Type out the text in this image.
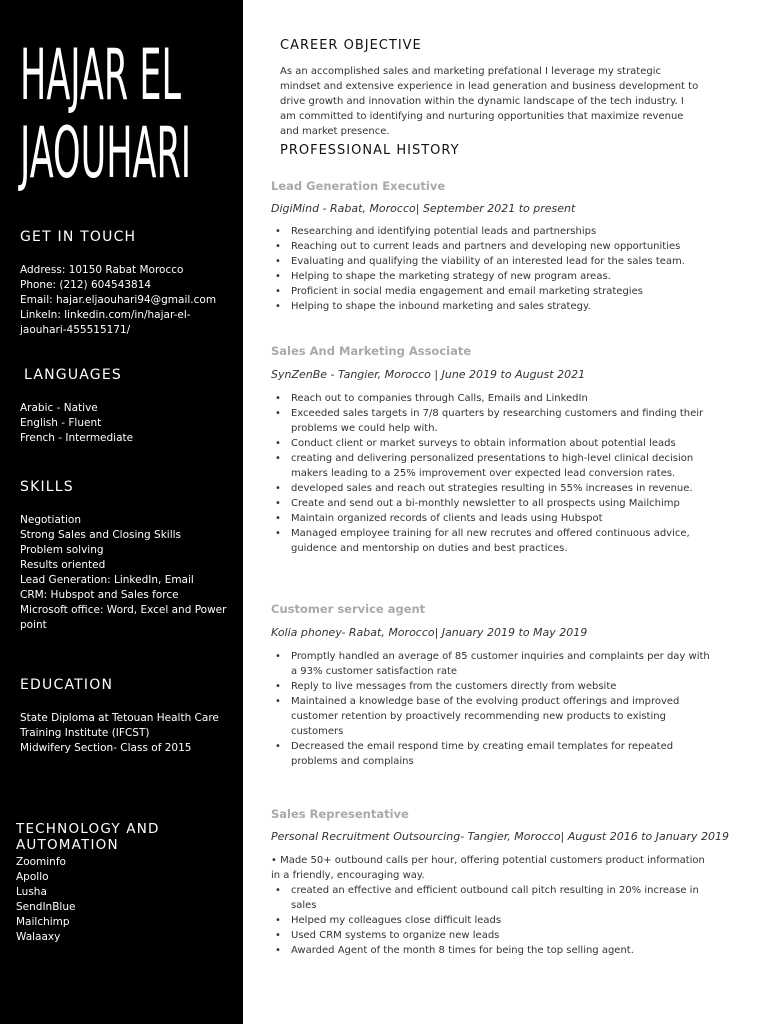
HAJAR EL
JAOUHARI
GET IN TOUCH
Address: 10150 Rabat Morocco
Phone: (212) 604543814
Email: hajar.eljaouhari94@gmail.com
LinkeIn: linkedin.com/in/hajar-el-
jaouhari-455515171/
LANGUAGES
Arabic - Native
English - Fluent
French - Intermediate
SKILLS
Negotiation
Strong Sales and Closing Skills
Problem solving
Results oriented
Lead Generation: LinkedIn, Email
CRM: Hubspot and Sales force
Microsoft office: Word, Excel and Power
point
EDUCATION
State Diploma at Tetouan Health Care
Training Institute (IFCST)
Midwifery Section- Class of 2015
TECHNOLOGY AND AUTOMATION
Zoominfo
Apollo
Lusha
SendInBlue
Mailchimp
Walaaxy
CAREER OBJECTIVE
As an accomplished sales and marketing prefational I leverage my strategic mindset and extensive experience in lead generation and business development to drive growth and innovation within the dynamic landscape of the tech industry. I am committed to identifying and nurturing opportunities that maximize revenue and market presence.
PROFESSIONAL HISTORY
Lead Generation Executive
DigiMind - Rabat, Morocco| September 2021 to present
• Researching and identifying potential leads and partnerships
• Reaching out to current leads and partners and developing new opportunities
• Evaluating and qualifying the viability of an interested lead for the sales team.
• Helping to shape the marketing strategy of new program areas.
• Proficient in social media engagement and email marketing strategies
• Helping to shape the inbound marketing and sales strategy.
Sales And Marketing Associate
SynZenBe - Tangier, Morocco | June 2019 to August 2021
• Reach out to companies through Calls, Emails and LinkedIn
• Exceeded sales targets in 7/8 quarters by researching customers and finding their problems we could help with.
• Conduct client or market surveys to obtain information about potential leads
• creating and delivering personalized presentations to high-level clinical decision makers leading to a 25% improvement over expected lead conversion rates.
• developed sales and reach out strategies resulting in 55% increases in revenue.
• Create and send out a bi-monthly newsletter to all prospects using Mailchimp
• Maintain organized records of clients and leads using Hubspot
• Managed employee training for all new recrutes and offered continuous advice, guidence and mentorship on duties and best practices.
Customer service agent
Kolia phoney- Rabat, Morocco| January 2019 to May 2019
• Promptly handled an average of 85 customer inquiries and complaints per day with a 93% customer satisfaction rate
• Reply to live messages from the customers directly from website
• Maintained a knowledge base of the evolving product offerings and improved customer retention by proactively recommending new products to existing customers
• Decreased the email respond time by creating email templates for repeated problems and complains
Sales Representative
Personal Recruitment Outsourcing- Tangier, Morocco| August 2016 to January 2019
• Made 50+ outbound calls per hour, offering potential customers product information in a friendly, encouraging way.
• created an effective and efficient outbound call pitch resulting in 20% increase in sales
• Helped my colleagues close difficult leads
• Used CRM systems to organize new leads
• Awarded Agent of the month 8 times for being the top selling agent.
